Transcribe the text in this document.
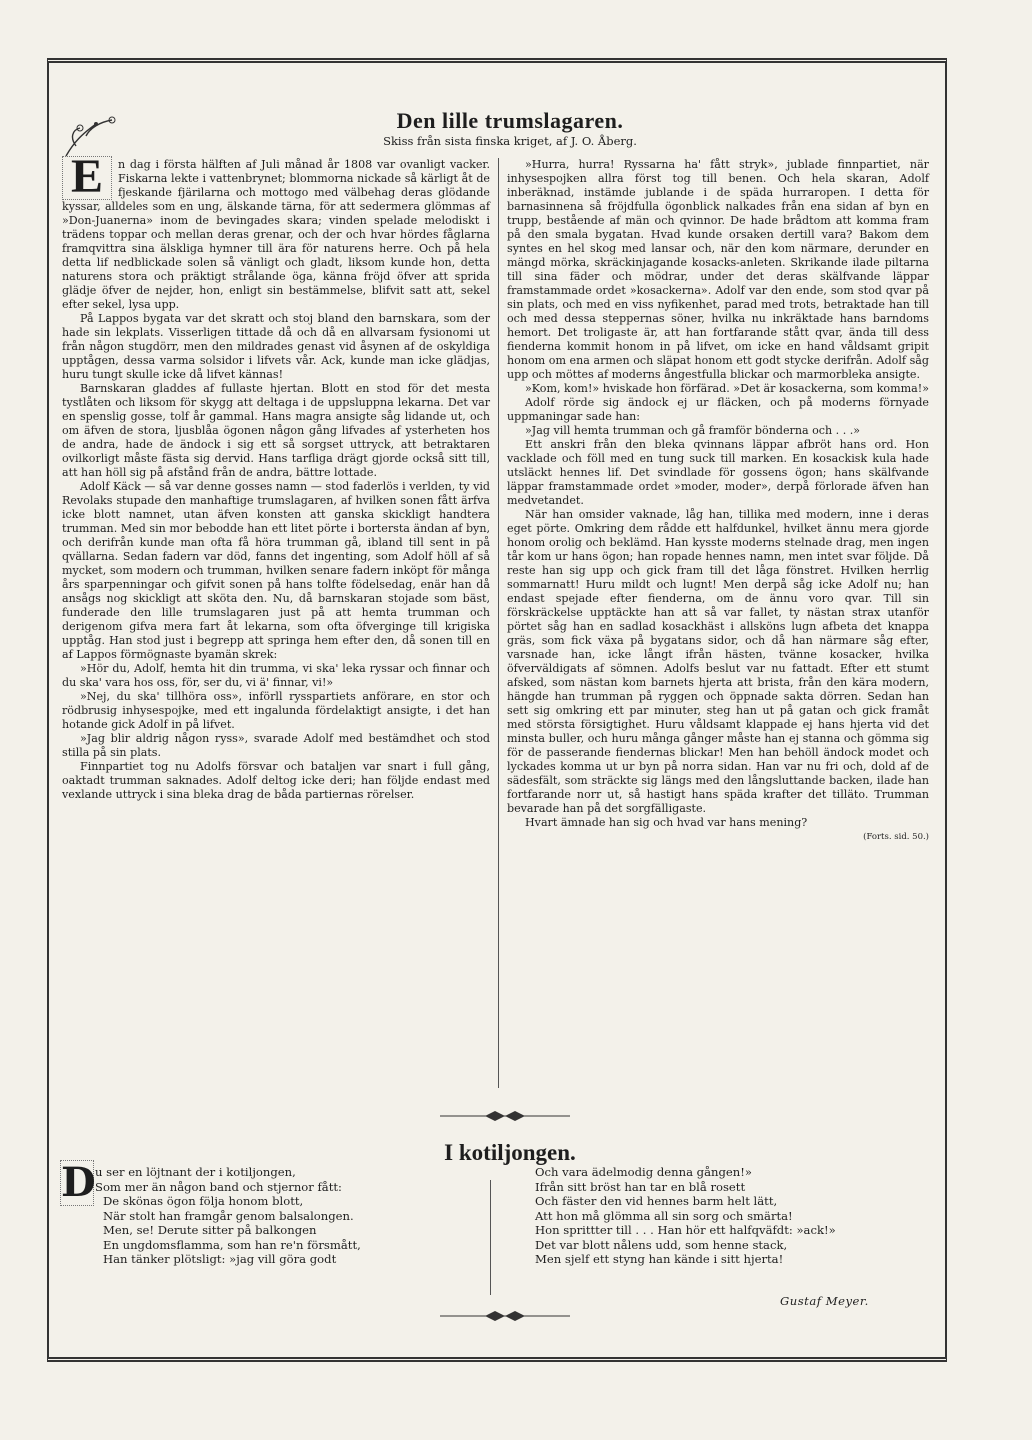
Den lille trumslagaren.

Skiss från sista finska kriget, af J. O. Åberg.

E	n dag i första hälften af Juli månad år 1808 var ovanligt vacker. Fiskarna lekte i vattenbrynet; blommorna nickade så kärligt åt de fjeskande fjärilarna och mottogo med välbehag deras glödande kyssar, alldeles som en ung, älskande tärna, för att sedermera glömmas af »Don-Juanerna» inom de bevingades skara; vinden spelade melodiskt i trädens toppar och mellan deras grenar, och der och hvar hördes fåglarna framqvittra sina älskliga hymner till ära för naturens herre. Och på hela detta lif nedblickade solen så vänligt och gladt, liksom kunde hon, detta naturens stora och präktigt strålande öga, känna fröjd öfver att sprida glädje öfver de nejder, hon, enligt sin bestämmelse, blifvit satt att, sekel efter sekel, lysa upp.

På Lappos bygata var det skratt och stoj bland den barnskara, som der hade sin lekplats. Visserligen tittade då och då en allvarsam fysionomi ut från någon stugdörr, men den mildrades genast vid åsynen af de oskyldiga upptågen, dessa varma solsidor i lifvets vår. Ack, kunde man icke glädjas, huru tungt skulle icke då lifvet kännas!

Barnskaran gladdes af fullaste hjertan. Blott en stod för det mesta tystlåten och liksom för skygg att deltaga i de uppsluppna lekarna. Det var en spenslig gosse, tolf år gammal. Hans magra ansigte såg lidande ut, och om äfven de stora, ljusblåa ögonen någon gång lifvades af ysterheten hos de andra, hade de ändock i sig ett så sorgset uttryck, att betraktaren ovilkorligt måste fästa sig dervid. Hans tarfliga drägt gjorde också sitt till, att han höll sig på afstånd från de andra, bättre lottade.

Adolf Käck — så var denne gosses namn — stod faderlös i verlden, ty vid Revolaks stupade den manhaftige trumslagaren, af hvilken sonen fått ärfva icke blott namnet, utan äfven konsten att ganska skickligt handtera trumman. Med sin mor bebodde han ett litet pörte i bortersta ändan af byn, och derifrån kunde man ofta få höra trumman gå, ibland till sent in på qvällarna. Sedan fadern var död, fanns det ingenting, som Adolf höll af så mycket, som modern och trumman, hvilken senare fadern inköpt för många års sparpenningar och gifvit sonen på hans tolfte födelsedag, enär han då ansågs nog skickligt att sköta den. Nu, då barnskaran stojade som bäst, funderade den lille trumslagaren just på att hemta trumman och derigenom gifva mera fart åt lekarna, som ofta öfverginge till krigiska upptåg. Han stod just i begrepp att springa hem efter den, då sonen till en af Lappos förmögnaste byamän skrek:

»Hör du, Adolf, hemta hit din trumma, vi ska' leka ryssar och finnar och du ska' vara hos oss, för, ser du, vi ä' finnar, vi!»

»Nej, du ska' tillhöra oss», införll rysspartiets anförare, en stor och rödbrusig inhysespojke, med ett ingalunda fördelaktigt ansigte, i det han hotande gick Adolf in på lifvet.

»Jag blir aldrig någon ryss», svarade Adolf med bestämdhet och stod stilla på sin plats.

Finnpartiet tog nu Adolfs försvar och bataljen var snart i full gång, oaktadt trumman saknades. Adolf deltog icke deri; han följde endast med vexlande uttryck i sina bleka drag de båda partiernas rörelser.

»Hurra, hurra! Ryssarna ha' fått stryk», jublade finnpartiet, när inhysespojken allra först tog till benen. Och hela skaran, Adolf inberäknad, instämde jublande i de späda hurraropen. I detta för barnasinnena så fröjdfulla ögonblick nalkades från ena sidan af byn en trupp, bestående af män och qvinnor. De hade brådtom att komma fram på den smala bygatan. Hvad kunde orsaken dertill vara? Bakom dem syntes en hel skog med lansar och, när den kom närmare, derunder en mängd mörka, skräckinjagande kosacks-anleten. Skrikande ilade piltarna till sina fäder och mödrar, under det deras skälfvande läppar framstammade ordet »kosackerna». Adolf var den ende, som stod qvar på sin plats, och med en viss nyfikenhet, parad med trots, betraktade han till och med dessa steppernas söner, hvilka nu inkräktade hans barndoms hemort. Det troligaste är, att han fortfarande stått qvar, ända till dess fienderna kommit honom in på lifvet, om icke en hand våldsamt gripit honom om ena armen och släpat honom ett godt stycke derifrån. Adolf såg upp och möttes af moderns ångestfulla blickar och marmorbleka ansigte.

»Kom, kom!» hviskade hon förfärad. »Det är kosackerna, som komma!»

Adolf rörde sig ändock ej ur fläcken, och på moderns förnyade uppmaningar sade han:

»Jag vill hemta trumman och gå framför bönderna och . . .»

Ett anskri från den bleka qvinnans läppar afbröt hans ord. Hon vacklade och föll med en tung suck till marken. En kosackisk kula hade utsläckt hennes lif. Det svindlade för gossens ögon; hans skälfvande läppar framstammade ordet »moder, moder», derpå förlorade äfven han medvetandet.

När han omsider vaknade, låg han, tillika med modern, inne i deras eget pörte. Omkring dem rådde ett halfdunkel, hvilket ännu mera gjorde honom orolig och beklämd. Han kysste moderns stelnade drag, men ingen tår kom ur hans ögon; han ropade hennes namn, men intet svar följde. Då reste han sig upp och gick fram till det låga fönstret. Hvilken herrlig sommarnatt! Huru mildt och lugnt! Men derpå såg icke Adolf nu; han endast spejade efter fienderna, om de ännu voro qvar. Till sin förskräckelse upptäckte han att så var fallet, ty nästan strax utanför pörtet såg han en sadlad kosackhäst i allsköns lugn afbeta det knappa gräs, som fick växa på bygatans sidor, och då han närmare såg efter, varsnade han, icke långt ifrån hästen, tvänne kosacker, hvilka öfverväldigats af sömnen. Adolfs beslut var nu fattadt. Efter ett stumt afsked, som nästan kom barnets hjerta att brista, från den kära modern, hängde han trumman på ryggen och öppnade sakta dörren. Sedan han sett sig omkring ett par minuter, steg han ut på gatan och gick framåt med största försigtighet. Huru våldsamt klappade ej hans hjerta vid det minsta buller, och huru många gånger måste han ej stanna och gömma sig för de passerande fiendernas blickar! Men han behöll ändock modet och lyckades komma ut ur byn på norra sidan. Han var nu fri och, dold af de sädesfält, som sträckte sig längs med den långsluttande backen, ilade han fortfarande norr ut, så hastigt hans späda krafter det tilläto. Trumman bevarade han på det sorgfälligaste.

Hvart ämnade han sig och hvad var hans mening?

(Forts. sid. 50.)

I kotiljongen.
D u ser en löjtnant der i kotiljongen,
Som mer än någon band och stjernor fått:
De skönas ögon följa honom blott,
När stolt han framgår genom balsalongen.
Men, se! Derute sitter på balkongen
En ungdomsflamma, som han re'n försmått,
Han tänker plötsligt: »jag vill göra godt
Och vara ädelmodig denna gången!»
Ifrån sitt bröst han tar en blå rosett
Och fäster den vid hennes barm helt lätt,
Att hon må glömma all sin sorg och smärta!
Hon sprittter till . . . Han hör ett halfqväfdt: »ack!»
Det var blott nålens udd, som henne stack,
Men sjelf ett styng han kände i sitt hjerta!
Gustaf Meyer.
